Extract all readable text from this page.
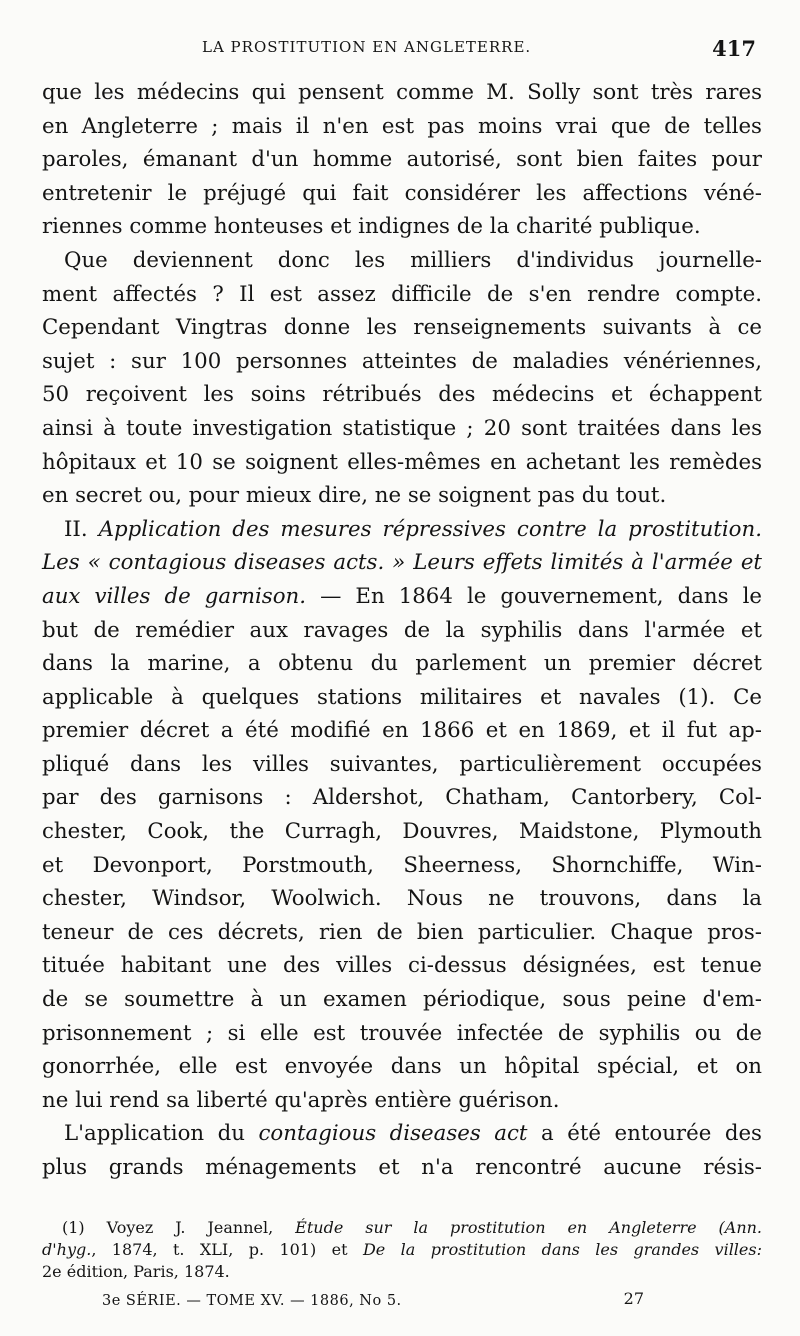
LA PROSTITUTION EN ANGLETERRE.	417

que les médecins qui pensent comme M. Solly sont très rares
en Angleterre ; mais il n'en est pas moins vrai que de telles
paroles, émanant d'un homme autorisé, sont bien faites pour
entretenir le préjugé qui fait considérer les affections véné-
riennes comme honteuses et indignes de la charité publique.

Que deviennent donc les milliers d'individus journelle-
ment affectés ? Il est assez difficile de s'en rendre compte.
Cependant Vingtras donne les renseignements suivants à ce
sujet : sur 100 personnes atteintes de maladies vénériennes,
50 reçoivent les soins rétribués des médecins et échappent
ainsi à toute investigation statistique ; 20 sont traitées dans les
hôpitaux et 10 se soignent elles-mêmes en achetant les remèdes
en secret ou, pour mieux dire, ne se soignent pas du tout.

II. Application des mesures répressives contre la prostitution.
Les « contagious diseases acts. » Leurs effets limités à l'armée et
aux villes de garnison. — En 1864 le gouvernement, dans le
but de remédier aux ravages de la syphilis dans l'armée et
dans la marine, a obtenu du parlement un premier décret
applicable à quelques stations militaires et navales (1). Ce
premier décret a été modifié en 1866 et en 1869, et il fut ap-
pliqué dans les villes suivantes, particulièrement occupées
par des garnisons : Aldershot, Chatham, Cantorbery, Col-
chester, Cook, the Curragh, Douvres, Maidstone, Plymouth
et Devonport, Porstmouth, Sheerness, Shornchiffe, Win-
chester, Windsor, Woolwich. Nous ne trouvons, dans la
teneur de ces décrets, rien de bien particulier. Chaque pros-
tituée habitant une des villes ci-dessus désignées, est tenue
de se soumettre à un examen périodique, sous peine d'em-
prisonnement ; si elle est trouvée infectée de syphilis ou de
gonorrhée, elle est envoyée dans un hôpital spécial, et on
ne lui rend sa liberté qu'après entière guérison.

L'application du contagious diseases act a été entourée des
plus grands ménagements et n'a rencontré aucune résis-

(1) Voyez J. Jeannel, Étude sur la prostitution en Angleterre (Ann.
d'hyg., 1874, t. XLI, p. 101) et De la prostitution dans les grandes villes:
2e édition, Paris, 1874.
3e SÉRIE. — TOME XV. — 1886, No 5.	27
